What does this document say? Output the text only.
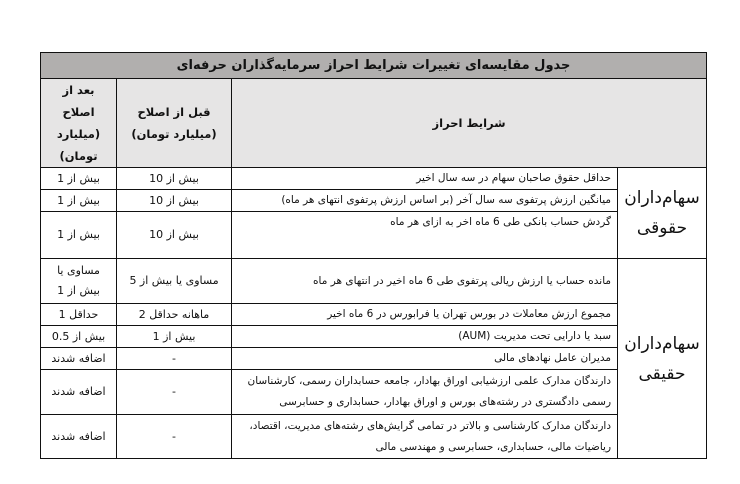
جدول مقایسه‌ای تغییرات شرایط احراز سرمایه‌گذاران حرفه‌ای			
شرایط احراز		قبل از اصلاح (میلیارد تومان)	بعد از اصلاح (میلیارد تومان)
سهام‌داران حقوقی	حداقل حقوق صاحبان سهام در سه سال اخیر	بیش از 10	بیش از 1
	میانگین ارزش پرتفوی سه سال آخر (بر اساس ارزش پرتفوی انتهای هر ماه)	بیش از 10	بیش از 1
	گردش حساب بانکی طی 6 ماه اخر به ازای هر ماه	بیش از 10	بیش از 1
سهام‌داران حقیقی	مانده حساب یا ارزش ریالی پرتفوی طی 6 ماه اخیر در انتهای هر ماه	مساوی یا بیش از 5	مساوی یا بیش از 1
	مجموع ارزش معاملات در بورس تهران یا فرابورس در 6 ماه اخیر	ماهانه حداقل 2	حداقل 1
	سبد یا دارایی تحت مدیریت (AUM)	بیش از 1	بیش از 0.5
	مدیران عامل نهادهای مالی	-	اضافه شدند
	دارندگان مدارک علمی ارزشیابی اوراق بهادار، جامعه حسابداران رسمی، کارشناسان رسمی دادگستری در رشته‌های بورس و اوراق بهادار، حسابداری و حسابرسی	-	اضافه شدند
	دارندگان مدارک کارشناسی و بالاتر در تمامی گرایش‌های رشته‌های مدیریت، اقتصاد، ریاضیات مالی، حسابداری، حسابرسی و مهندسی مالی	-	اضافه شدند
